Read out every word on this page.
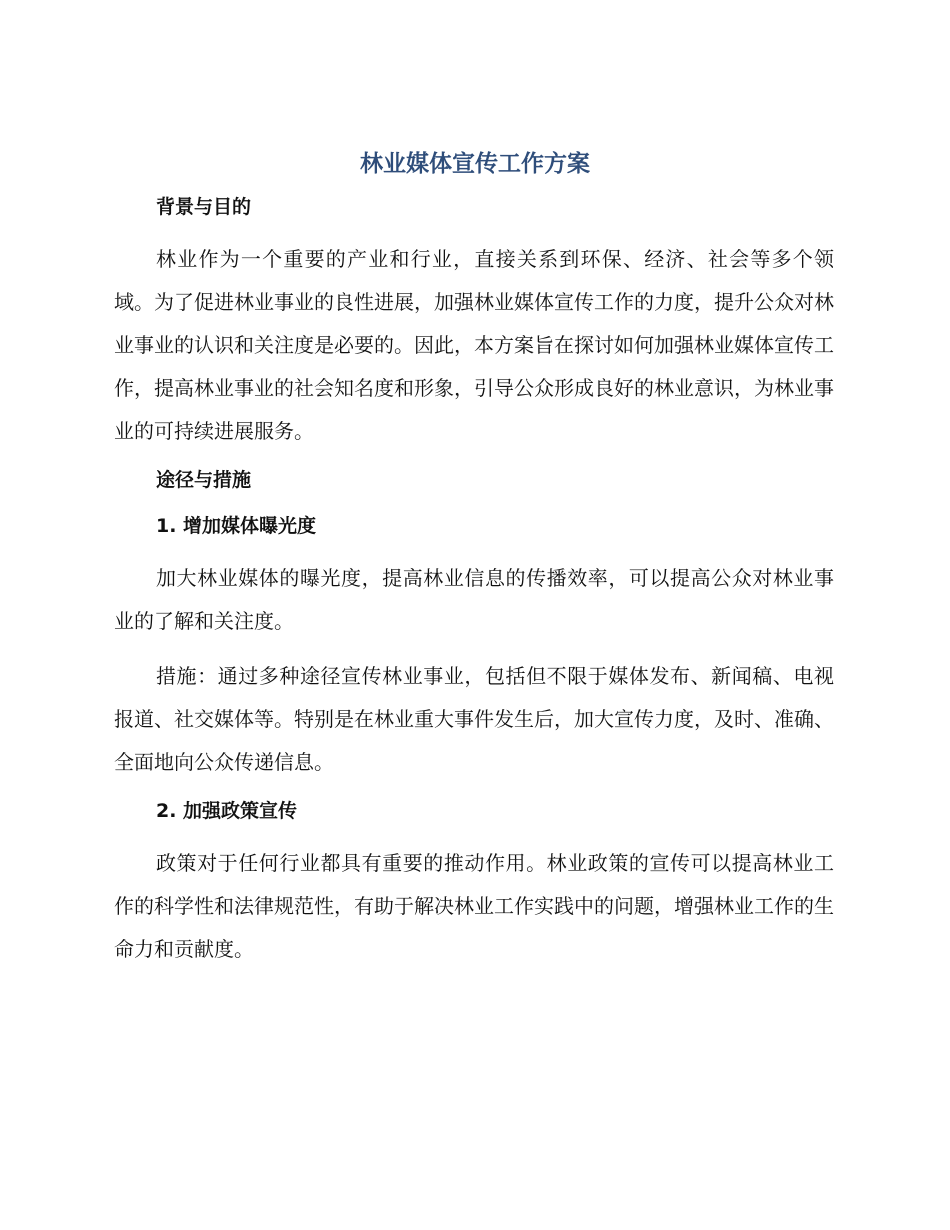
林业媒体宣传工作方案
背景与目的

林业作为一个重要的产业和行业，直接关系到环保、经济、社会等多个领域。为了促进林业事业的良性进展，加强林业媒体宣传工作的力度，提升公众对林业事业的认识和关注度是必要的。因此，本方案旨在探讨如何加强林业媒体宣传工作，提高林业事业的社会知名度和形象，引导公众形成良好的林业意识，为林业事业的可持续进展服务。

途径与措施
1. 增加媒体曝光度

加大林业媒体的曝光度，提高林业信息的传播效率，可以提高公众对林业事业的了解和关注度。

措施：通过多种途径宣传林业事业，包括但不限于媒体发布、新闻稿、电视报道、社交媒体等。特别是在林业重大事件发生后，加大宣传力度，及时、准确、全面地向公众传递信息。

2. 加强政策宣传

政策对于任何行业都具有重要的推动作用。林业政策的宣传可以提高林业工作的科学性和法律规范性，有助于解决林业工作实践中的问题，增强林业工作的生命力和贡献度。
